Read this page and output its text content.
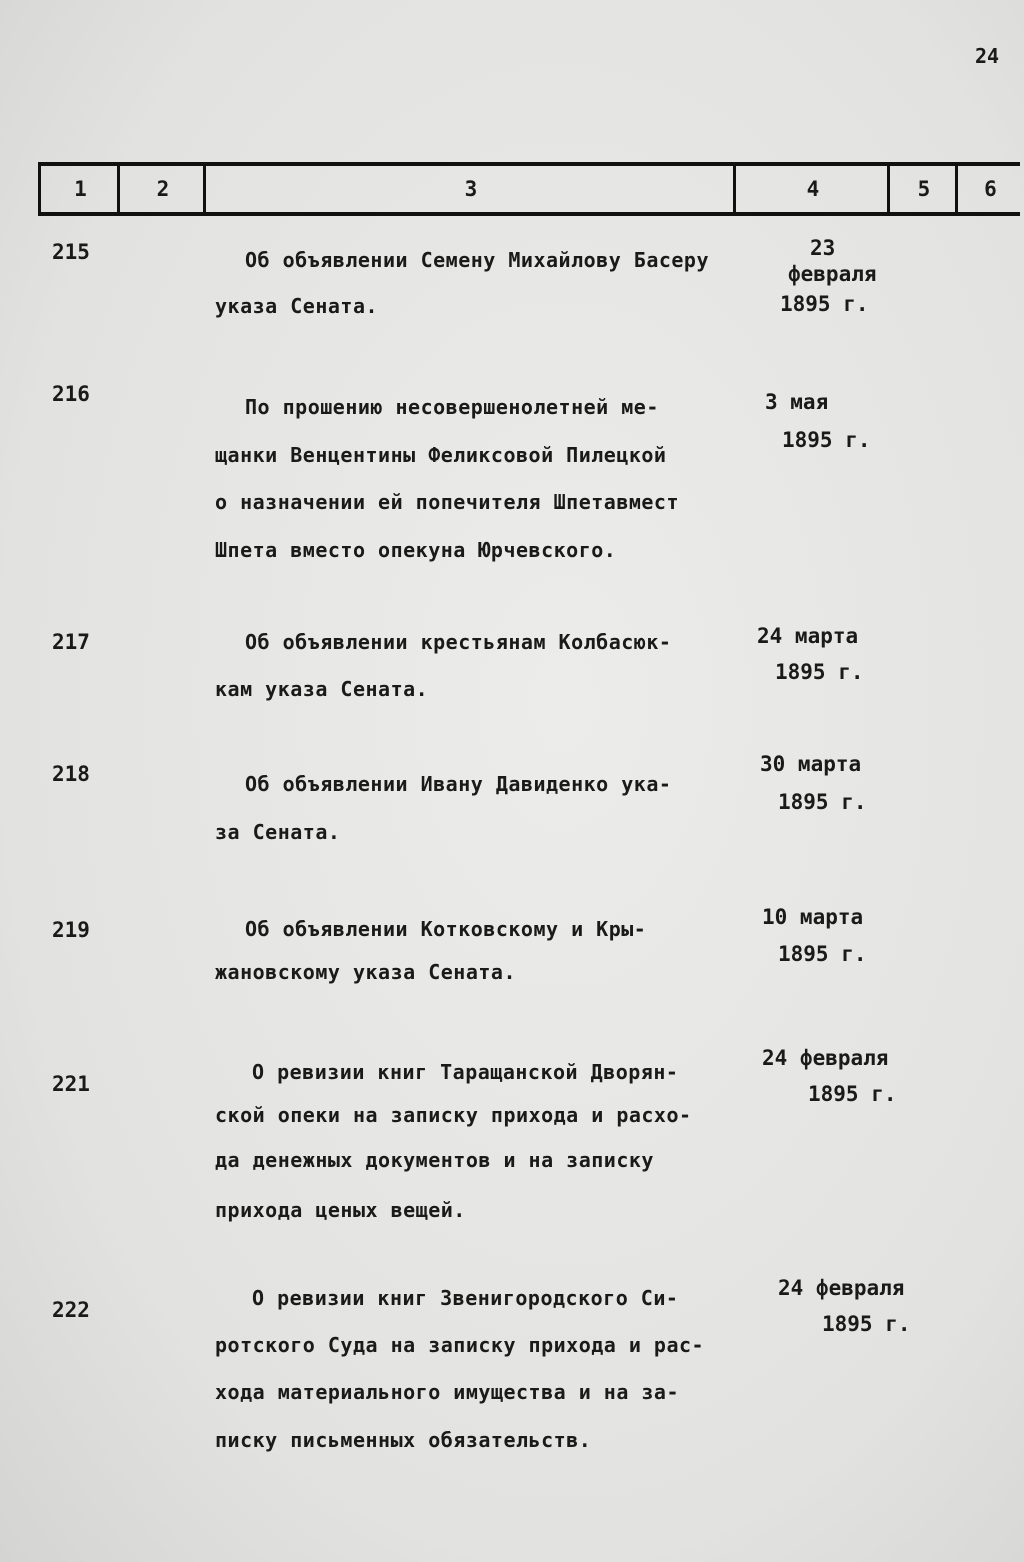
24
1	2	3	4	5	6
215	Об объявлении Семену Михайлову Басеру
указа Сената.
23
февраля
1895 г.
216
По прошению несовершенолетней ме-
щанки Венцентины Феликсовой Пилецкой
о назначении ей попечителя Шпетавмест
Шпета вместо опекуна Юрчевского.
3 мая
1895 г.
217	Об объявлении крестьянам Колбасюк-
кам указа Сената.
24 марта
1895 г.
218	Об объявлении Ивану Давиденко ука-
за Сената.
30 марта
1895 г.
219	Об объявлении Котковскому и Кры-
жановскому указа Сената.
10 марта
1895 г.
221	О ревизии книг Таращанской Дворян-
ской опеки на записку прихода и расхо-
да денежных документов и на записку
прихода ценых вещей.
24 февраля
1895 г.
222	О ревизии книг Звенигородского Си-
ротского Суда на записку прихода и рас-
хода материального имущества и на за-
писку письменных обязательств.
24 февраля
1895 г.
